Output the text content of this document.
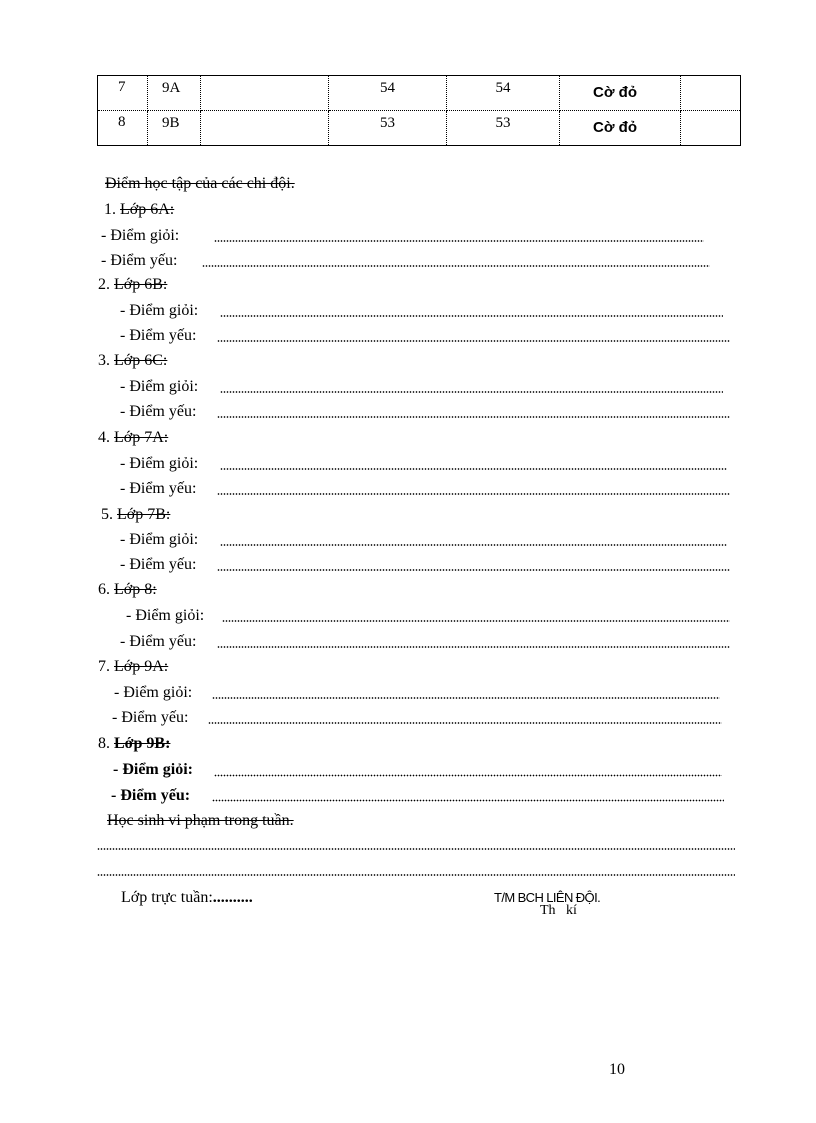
7	9A		54	54	Cờ đỏ	
8	9B		53	53	Cờ đỏ	
Điểm học tập của các chi đội.
1. Lớp 6A:
- Điểm giỏi:
- Điểm yếu:
2. Lớp 6B:
- Điểm giỏi:
- Điểm yếu:
3. Lớp 6C:
- Điểm giỏi:
- Điểm yếu:
4. Lớp 7A:
- Điểm giỏi:
- Điểm yếu:
5. Lớp 7B:
- Điểm giỏi:
- Điểm yếu:
6. Lớp 8:
- Điểm giỏi:
- Điểm yếu:
7. Lớp 9A:
- Điểm giỏi:
- Điểm yếu:
8. Lớp 9B:
- Điểm giỏi:
- Điểm yếu:
Học sinh vi phạm trong tuần.
Lớp trực tuần:..........	T/M BCH LIÊN ĐỘI.
Th   kí
10
